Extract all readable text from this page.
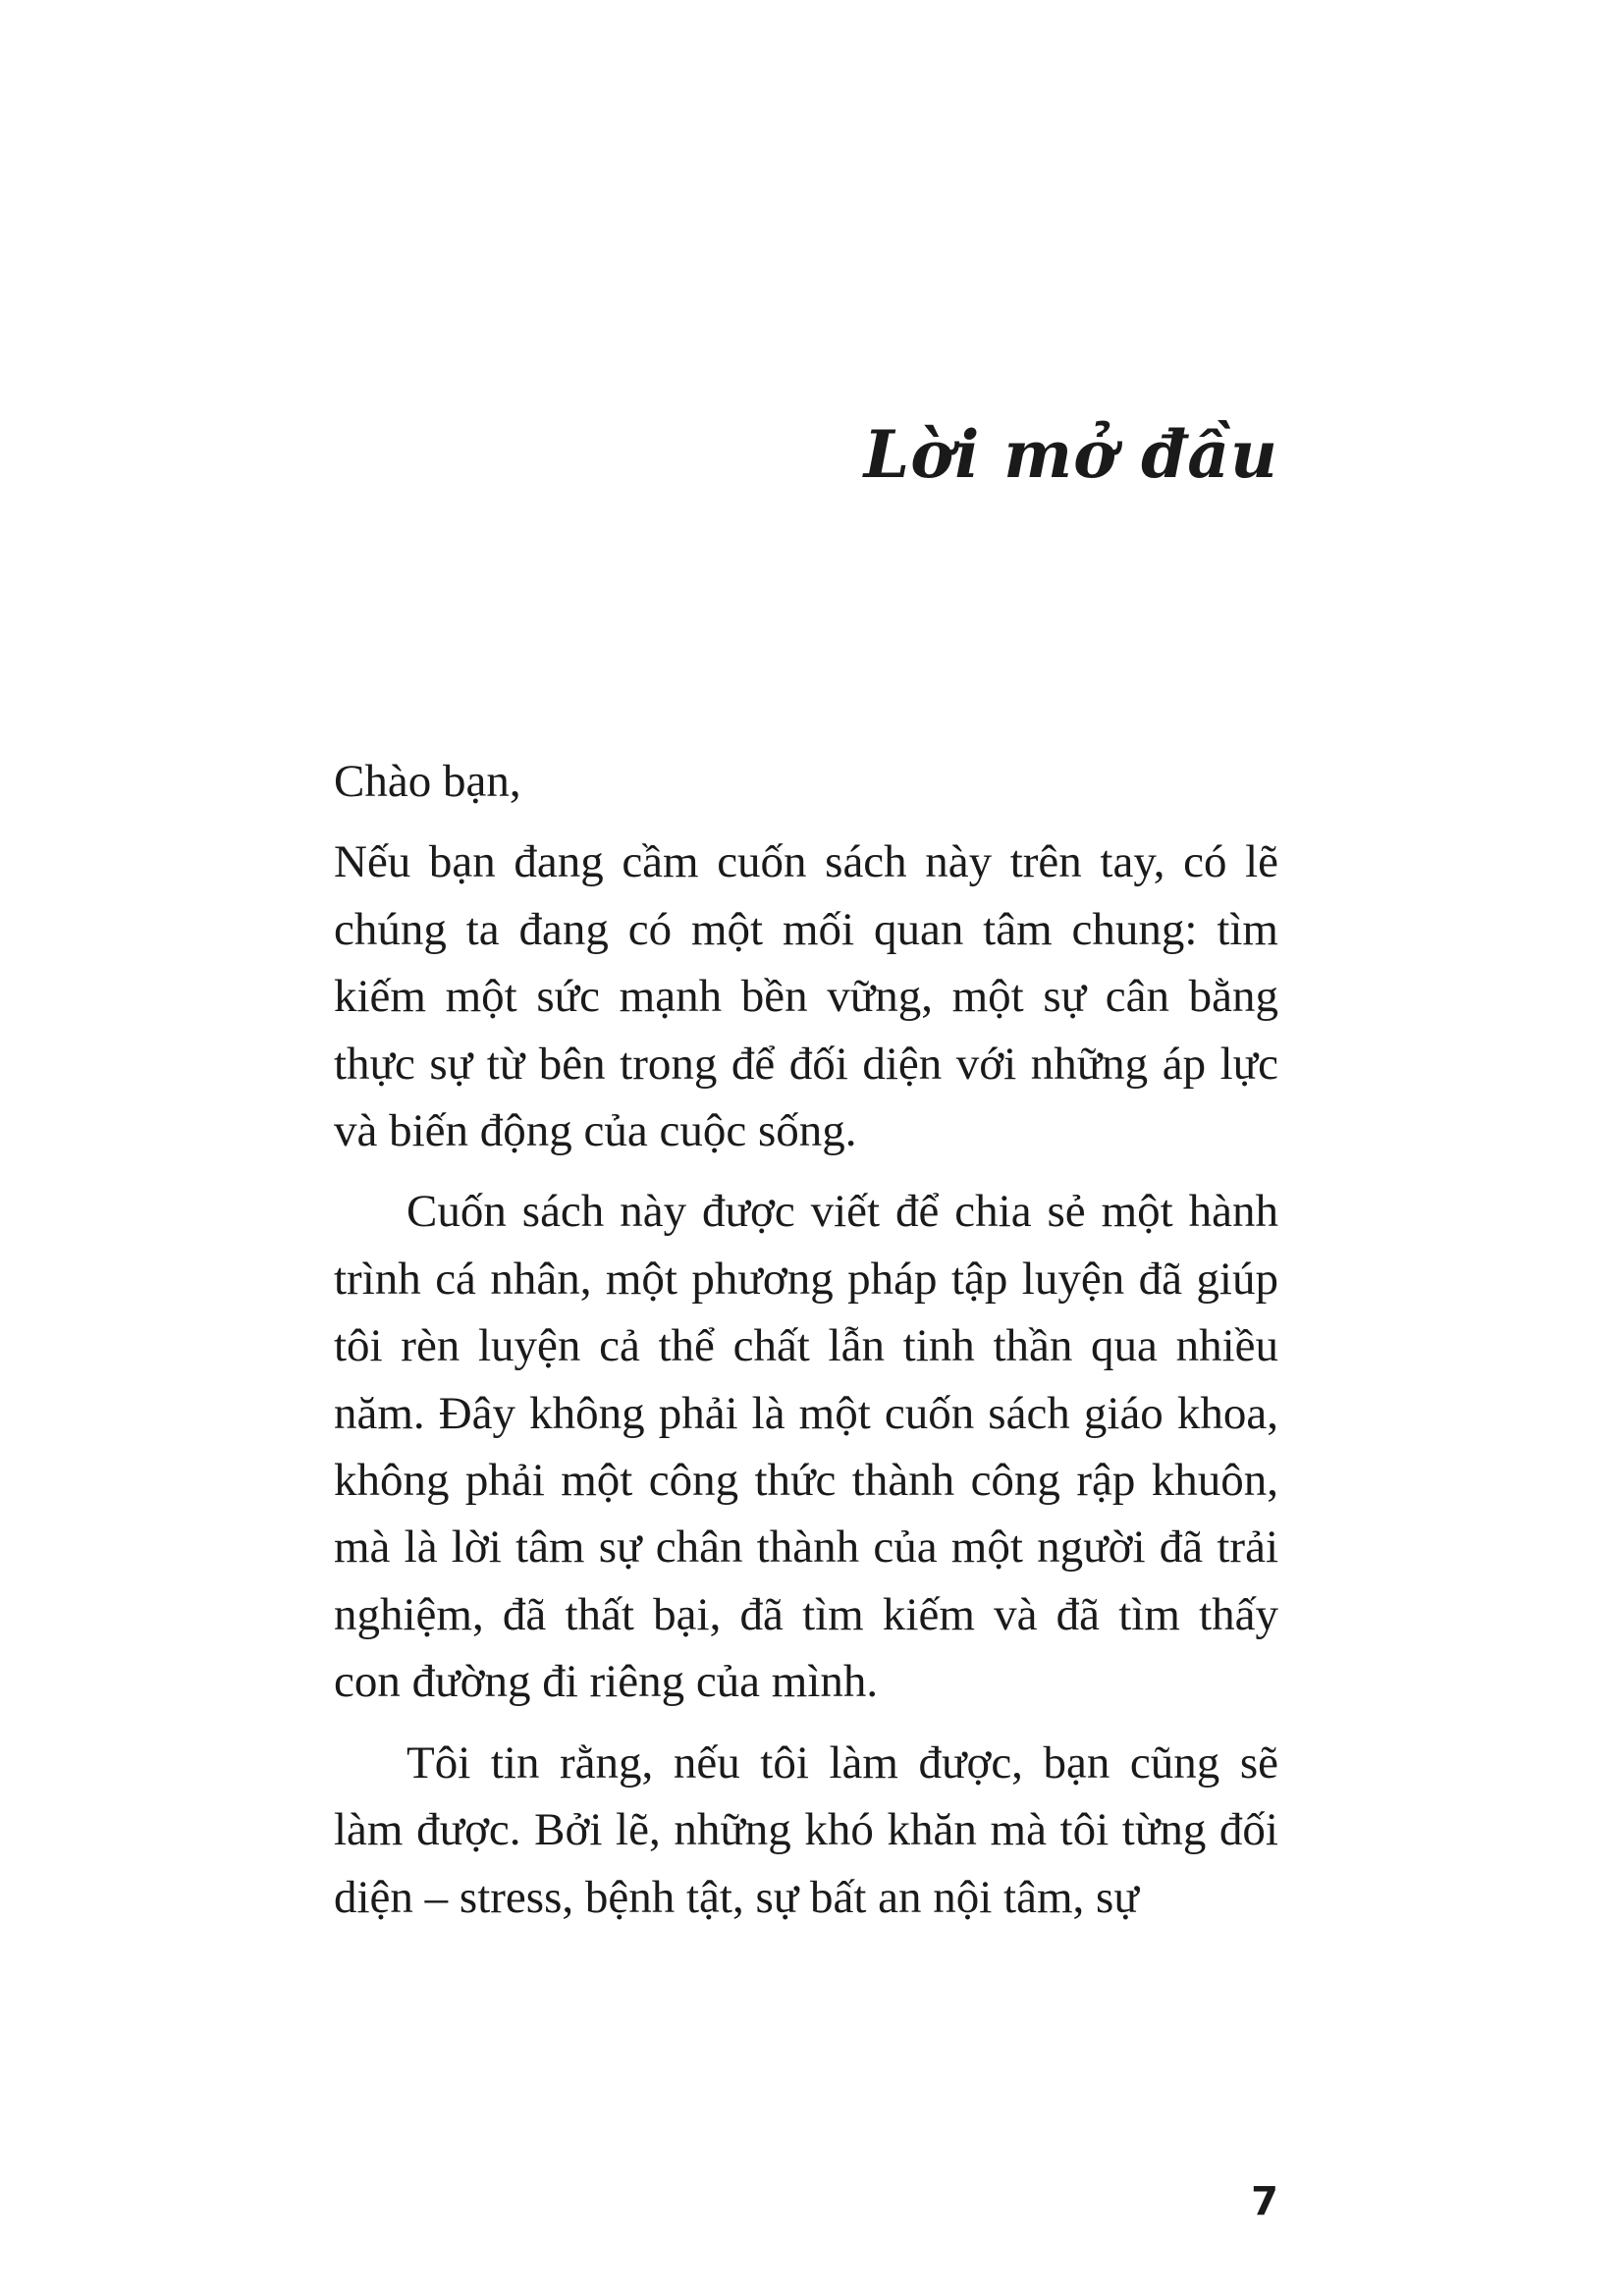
Lời mở đầu

Chào bạn,

Nếu bạn đang cầm cuốn sách này trên tay, có lẽ chúng ta đang có một mối quan tâm chung: tìm kiếm một sức mạnh bền vững, một sự cân bằng thực sự từ bên trong để đối diện với những áp lực và biến động của cuộc sống.

Cuốn sách này được viết để chia sẻ một hành trình cá nhân, một phương pháp tập luyện đã giúp tôi rèn luyện cả thể chất lẫn tinh thần qua nhiều năm. Đây không phải là một cuốn sách giáo khoa, không phải một công thức thành công rập khuôn, mà là lời tâm sự chân thành của một người đã trải nghiệm, đã thất bại, đã tìm kiếm và đã tìm thấy con đường đi riêng của mình.

Tôi tin rằng, nếu tôi làm được, bạn cũng sẽ làm được. Bởi lẽ, những khó khăn mà tôi từng đối diện – stress, bệnh tật, sự bất an nội tâm, sự

7
